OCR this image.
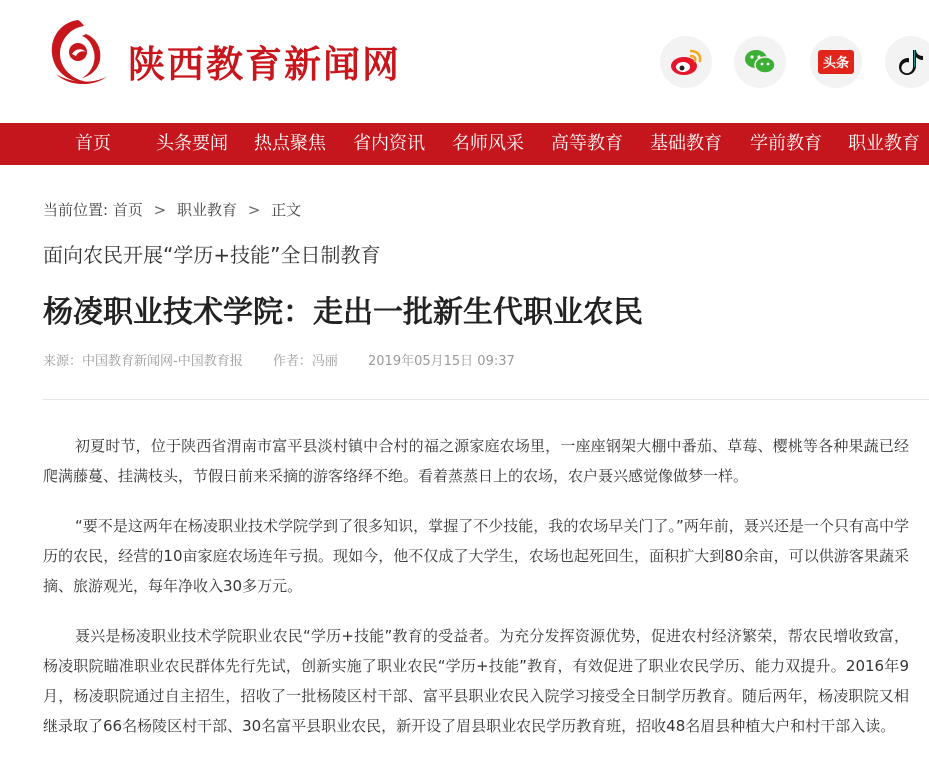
陕西教育新闻网	头条
首页	头条要闻 热点聚焦 省内资讯 名师风采 高等教育 基础教育 学前教育 职业教育
当前位置: 首页 > 职业教育 > 正文
面向农民开展“学历+技能”全日制教育
杨凌职业技术学院：走出一批新生代职业农民
来源：中国教育新闻网-中国教育报 作者：冯丽 2019年05月15日 09:37

初夏时节，位于陕西省渭南市富平县淡村镇中合村的福之源家庭农场里，一座座钢架大棚中番茄、草莓、樱桃等各种果蔬已经爬满藤蔓、挂满枝头，节假日前来采摘的游客络绎不绝。看着蒸蒸日上的农场，农户聂兴感觉像做梦一样。

“要不是这两年在杨凌职业技术学院学到了很多知识，掌握了不少技能，我的农场早关门了。”两年前，聂兴还是一个只有高中学历的农民，经营的10亩家庭农场连年亏损。现如今，他不仅成了大学生，农场也起死回生，面积扩大到80余亩，可以供游客果蔬采摘、旅游观光，每年净收入30多万元。

聂兴是杨凌职业技术学院职业农民“学历+技能”教育的受益者。为充分发挥资源优势，促进农村经济繁荣，帮农民增收致富，杨凌职院瞄准职业农民群体先行先试，创新实施了职业农民“学历+技能”教育，有效促进了职业农民学历、能力双提升。2016年9月，杨凌职院通过自主招生，招收了一批杨陵区村干部、富平县职业农民入院学习接受全日制学历教育。随后两年，杨凌职院又相继录取了66名杨陵区村干部、30名富平县职业农民，新开设了眉县职业农民学历教育班，招收48名眉县种植大户和村干部入读。
